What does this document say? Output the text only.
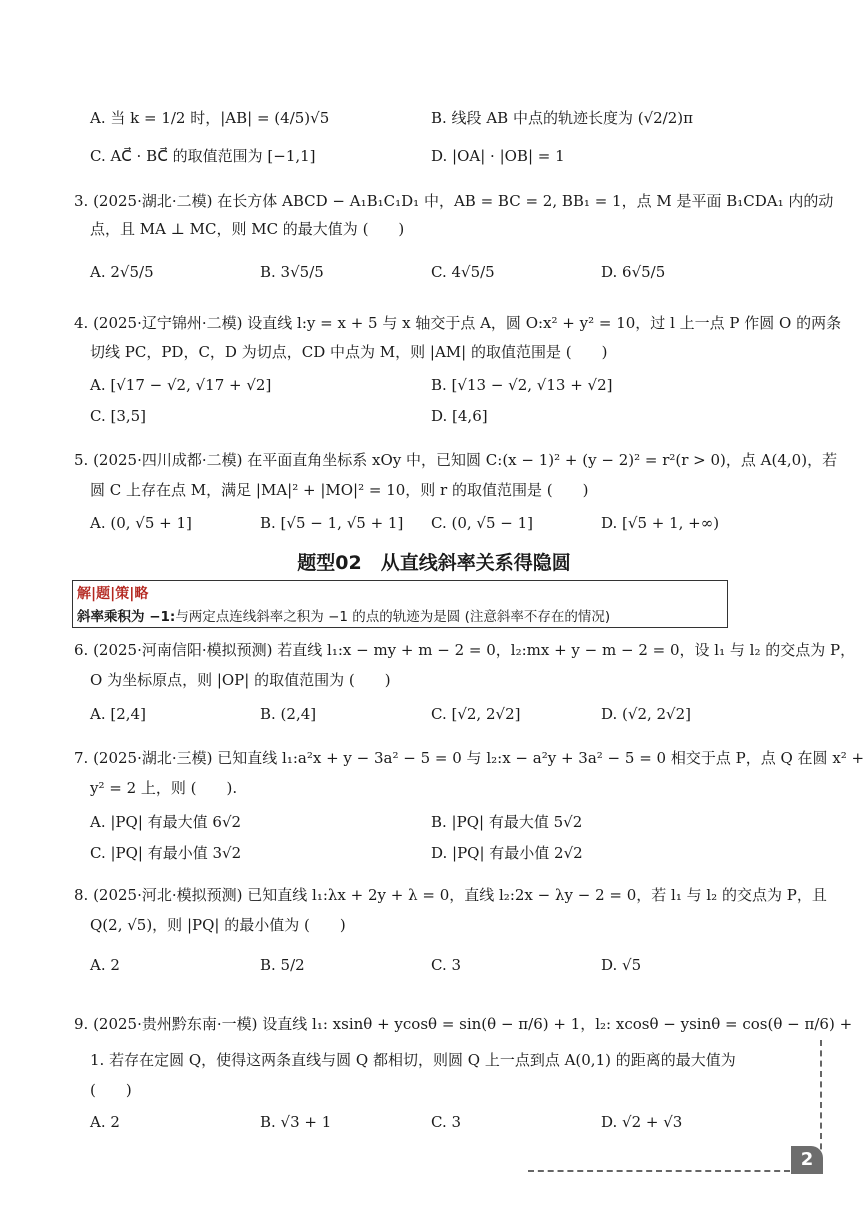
A. 当 k = 1/2 时，|AB| = (4/5)√5	B. 线段 AB 中点的轨迹长度为 (√2/2)π
C. AC⃗ · BC⃗ 的取值范围为 [−1,1]	D. |OA| · |OB| = 1
3. (2025·湖北·二模) 在长方体 ABCD − A₁B₁C₁D₁ 中，AB = BC = 2, BB₁ = 1，点 M 是平面 B₁CDA₁ 内的动
点，且 MA ⊥ MC，则 MC 的最大值为 (　　)
A. 2√5/5	B. 3√5/5	C. 4√5/5	D. 6√5/5
4. (2025·辽宁锦州·二模) 设直线 l:y = x + 5 与 x 轴交于点 A，圆 O:x² + y² = 10，过 l 上一点 P 作圆 O 的两条
切线 PC，PD，C，D 为切点，CD 中点为 M，则 |AM| 的取值范围是 (　　)
A. [√17 − √2, √17 + √2]	B. [√13 − √2, √13 + √2]
C. [3,5]	D. [4,6]
5. (2025·四川成都·二模) 在平面直角坐标系 xOy 中，已知圆 C:(x − 1)² + (y − 2)² = r²(r > 0)，点 A(4,0)，若
圆 C 上存在点 M，满足 |MA|² + |MO|² = 10，则 r 的取值范围是 (　　)
A. (0, √5 + 1]	B. [√5 − 1, √5 + 1] C. (0, √5 − 1]	D. [√5 + 1, +∞)
6. (2025·河南信阳·模拟预测) 若直线 l₁:x − my + m − 2 = 0，l₂:mx + y − m − 2 = 0，设 l₁ 与 l₂ 的交点为 P，
O 为坐标原点，则 |OP| 的取值范围为 (　　)
A. [2,4]	B. (2,4]	C. [√2, 2√2]	D. (√2, 2√2]
7. (2025·湖北·三模) 已知直线 l₁:a²x + y − 3a² − 5 = 0 与 l₂:x − a²y + 3a² − 5 = 0 相交于点 P，点 Q 在圆 x² +
y² = 2 上，则 (　　).
A. |PQ| 有最大值 6√2	B. |PQ| 有最大值 5√2
C. |PQ| 有最小值 3√2	D. |PQ| 有最小值 2√2
8. (2025·河北·模拟预测) 已知直线 l₁:λx + 2y + λ = 0，直线 l₂:2x − λy − 2 = 0，若 l₁ 与 l₂ 的交点为 P，且
Q(2, √5)，则 |PQ| 的最小值为 (　　)
A. 2	B. 5/2	C. 3	D. √5
9. (2025·贵州黔东南·一模) 设直线 l₁: xsinθ + ycosθ = sin(θ − π/6) + 1，l₂: xcosθ − ysinθ = cos(θ − π/6) +
1. 若存在定圆 Q，使得这两条直线与圆 Q 都相切，则圆 Q 上一点到点 A(0,1) 的距离的最大值为
(　　)
A. 2	B. √3 + 1	C. 3	D. √2 + √3
题型02　从直线斜率关系得隐圆
解|题|策|略
斜率乘积为 −1:与两定点连线斜率之积为 −1 的点的轨迹为是圆 (注意斜率不存在的情况)
2
